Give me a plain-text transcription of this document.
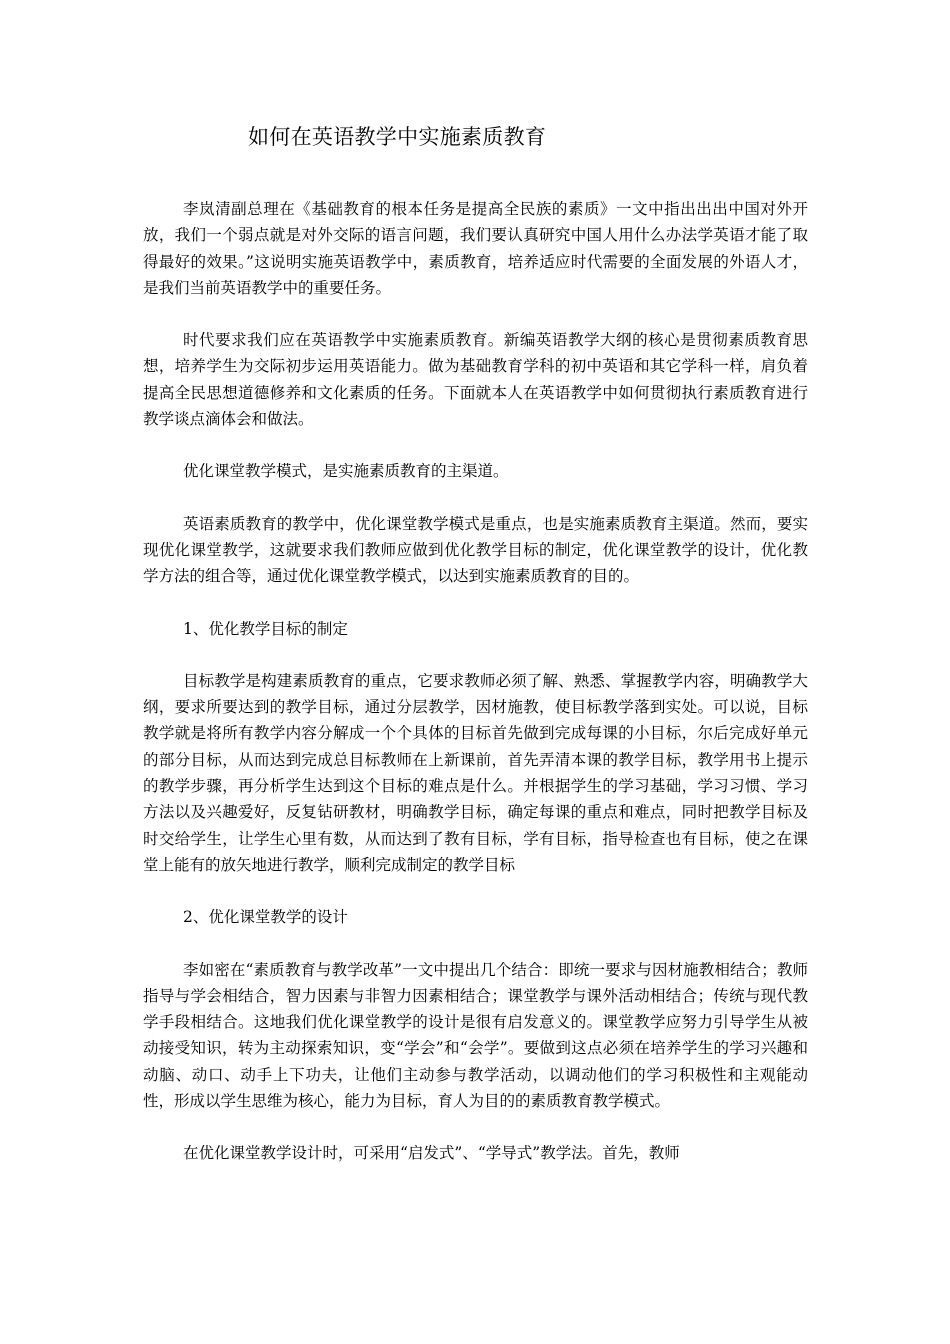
如何在英语教学中实施素质教育

李岚清副总理在《基础教育的根本任务是提高全民族的素质》一文中指出出出中国对外开放，我们一个弱点就是对外交际的语言问题，我们要认真研究中国人用什么办法学英语才能了取得最好的效果。”这说明实施英语教学中，素质教育，培养适应时代需要的全面发展的外语人才，是我们当前英语教学中的重要任务。

时代要求我们应在英语教学中实施素质教育。新编英语教学大纲的核心是贯彻素质教育思想，培养学生为交际初步运用英语能力。做为基础教育学科的初中英语和其它学科一样，肩负着提高全民思想道德修养和文化素质的任务。下面就本人在英语教学中如何贯彻执行素质教育进行教学谈点滴体会和做法。

优化课堂教学模式，是实施素质教育的主渠道。

英语素质教育的教学中，优化课堂教学模式是重点，也是实施素质教育主渠道。然而，要实现优化课堂教学，这就要求我们教师应做到优化教学目标的制定，优化课堂教学的设计，优化教学方法的组合等，通过优化课堂教学模式，以达到实施素质教育的目的。

1、优化教学目标的制定

目标教学是构建素质教育的重点，它要求教师必须了解、熟悉、掌握教学内容，明确教学大纲，要求所要达到的教学目标，通过分层教学，因材施教，使目标教学落到实处。可以说，目标教学就是将所有教学内容分解成一个个具体的目标首先做到完成每课的小目标，尔后完成好单元的部分目标，从而达到完成总目标教师在上新课前，首先弄清本课的教学目标，教学用书上提示的教学步骤，再分析学生达到这个目标的难点是什么。并根据学生的学习基础，学习习惯、学习方法以及兴趣爱好，反复钻研教材，明确教学目标，确定每课的重点和难点，同时把教学目标及时交给学生，让学生心里有数，从而达到了教有目标，学有目标，指导检查也有目标，使之在课堂上能有的放矢地进行教学，顺利完成制定的教学目标

2、优化课堂教学的设计

李如密在“素质教育与教学改革”一文中提出几个结合：即统一要求与因材施教相结合；教师指导与学会相结合，智力因素与非智力因素相结合；课堂教学与课外活动相结合；传统与现代教学手段相结合。这地我们优化课堂教学的设计是很有启发意义的。课堂教学应努力引导学生从被动接受知识，转为主动探索知识，变“学会”和“会学”。要做到这点必须在培养学生的学习兴趣和动脑、动口、动手上下功夫，让他们主动参与教学活动，以调动他们的学习积极性和主观能动性，形成以学生思维为核心，能力为目标，育人为目的的素质教育教学模式。

在优化课堂教学设计时，可采用“启发式”、“学导式”教学法。首先，教师
